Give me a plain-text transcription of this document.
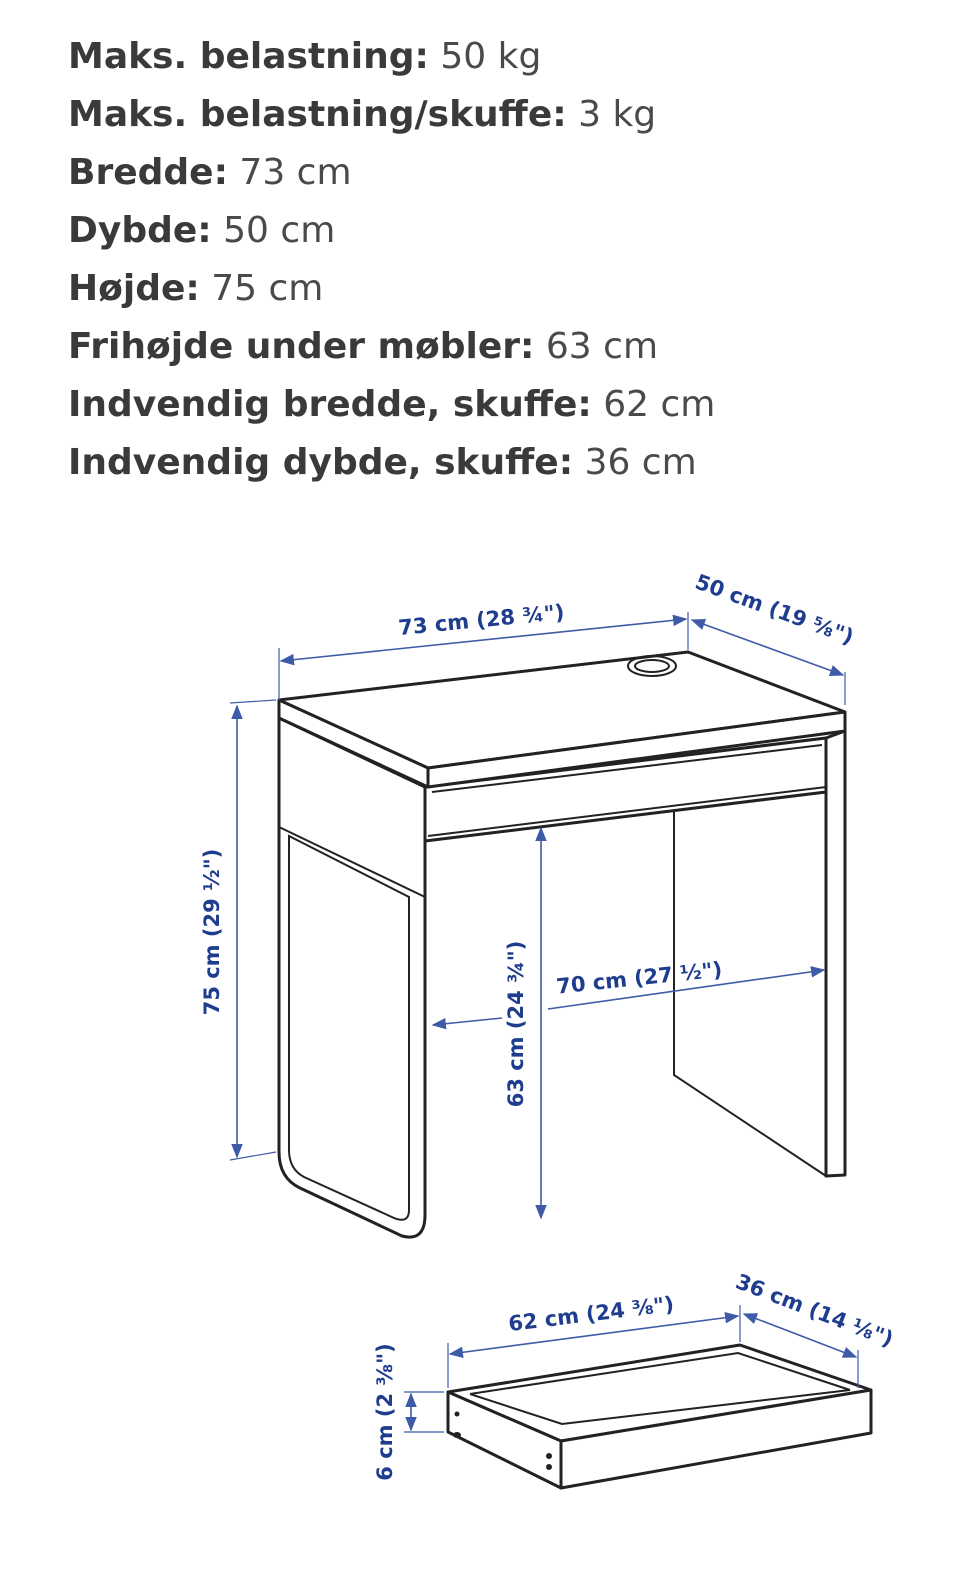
Maks. belastning: 50 kg
Maks. belastning/skuffe: 3 kg
Bredde: 73 cm
Dybde: 50 cm
Højde: 75 cm
Frihøjde under møbler: 63 cm
Indvendig bredde, skuffe: 62 cm
Indvendig dybde, skuffe: 36 cm
73 cm (28 ¾")	50 cm (19 ⅝")
75 cm (29 ½")
63 cm (24 ¾") 70 cm (27 ½")
62 cm (24 ⅜")	36 cm (14 ⅛")
6 cm (2 ⅜")
